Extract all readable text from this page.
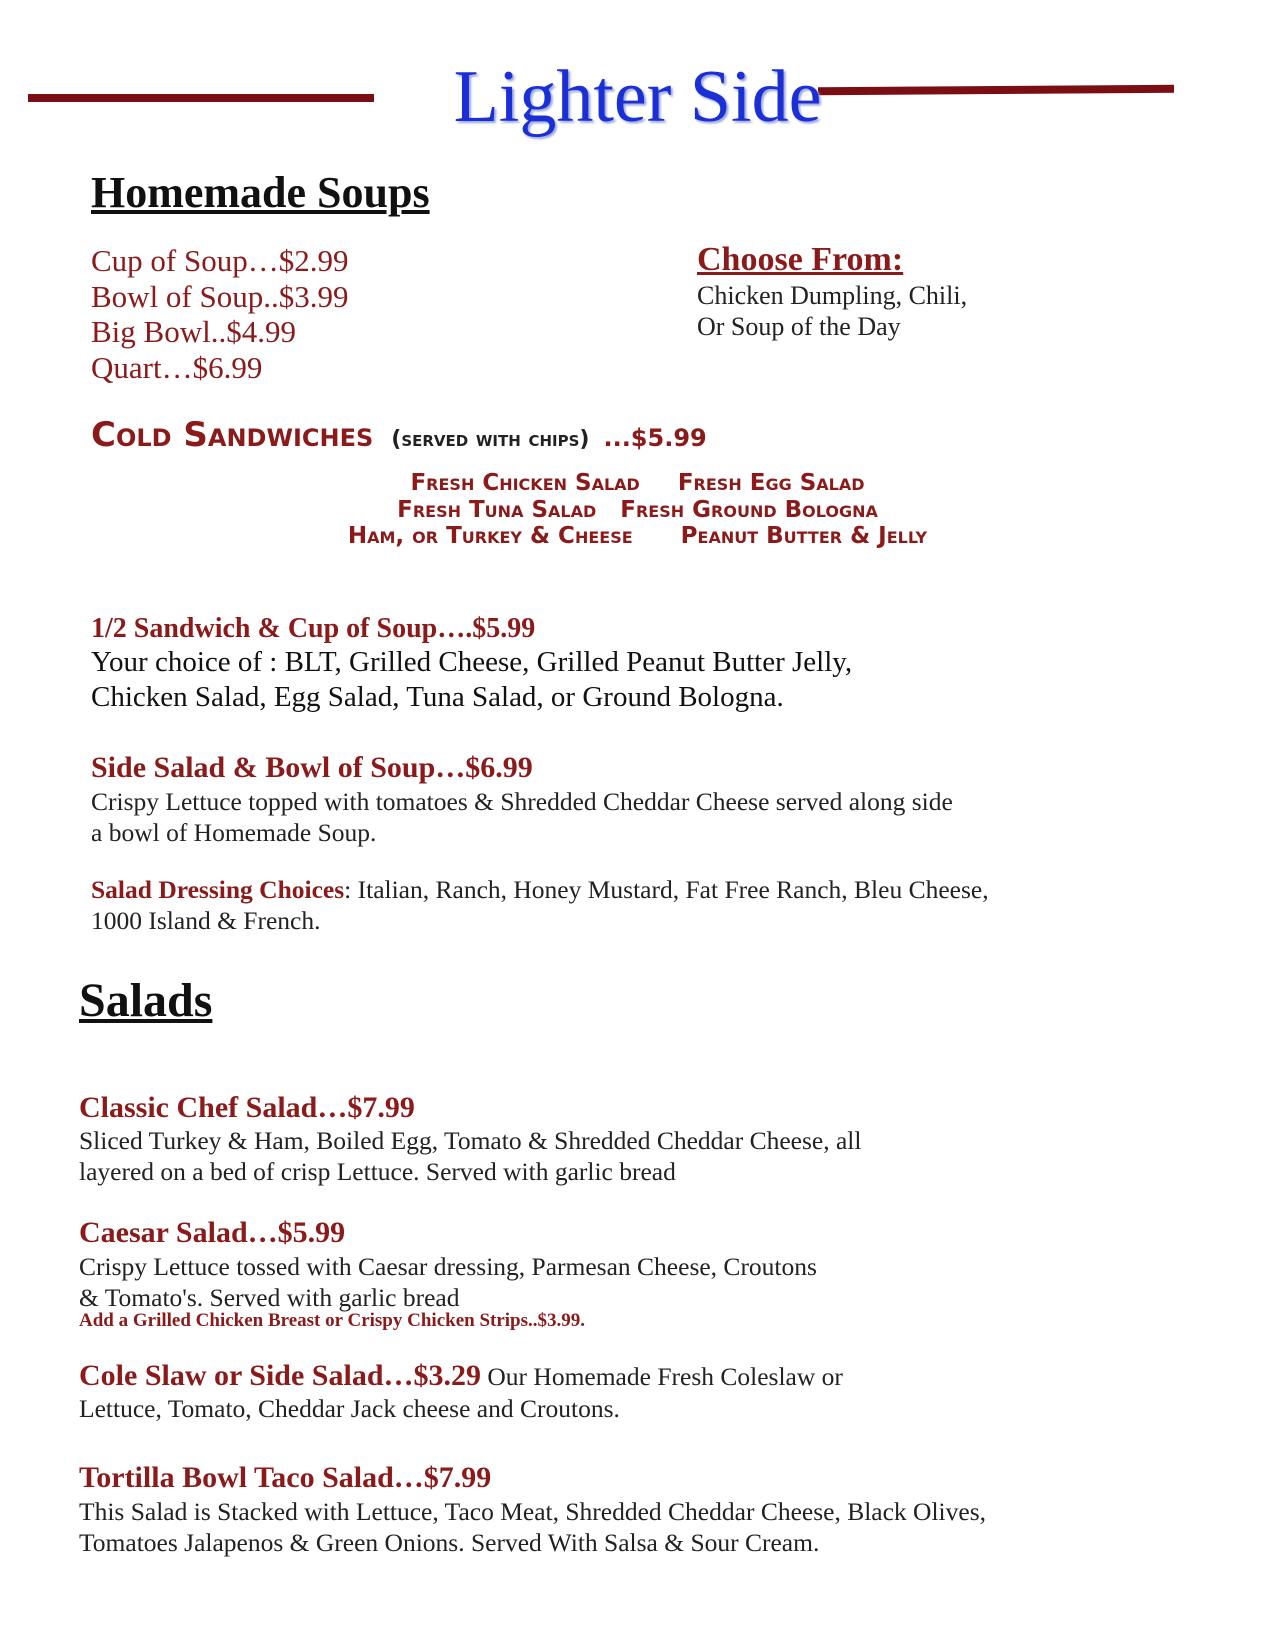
Lighter Side
Homemade Soups
Cup of Soup…$2.99
Bowl of Soup..$3.99
Big Bowl..$4.99
Quart…$6.99
Choose From:
Chicken Dumpling, Chili,
Or Soup of the Day
Cold Sandwiches (served with chips) ...$5.99
Fresh Chicken Salad Fresh Egg Salad
Fresh Tuna Salad Fresh Ground Bologna
Ham, or Turkey & Cheese Peanut Butter & Jelly
1/2 Sandwich & Cup of Soup….$5.99
Your choice of : BLT, Grilled Cheese, Grilled Peanut Butter Jelly,
Chicken Salad, Egg Salad, Tuna Salad, or Ground Bologna.
Side Salad & Bowl of Soup…$6.99
Crispy Lettuce topped with tomatoes & Shredded Cheddar Cheese served along side
a bowl of Homemade Soup.
Salad Dressing Choices: Italian, Ranch, Honey Mustard, Fat Free Ranch, Bleu Cheese,
1000 Island & French.
Salads
Classic Chef Salad…$7.99
Sliced Turkey & Ham, Boiled Egg, Tomato & Shredded Cheddar Cheese, all
layered on a bed of crisp Lettuce. Served with garlic bread
Caesar Salad…$5.99
Crispy Lettuce tossed with Caesar dressing, Parmesan Cheese, Croutons
& Tomato's. Served with garlic bread
Add a Grilled Chicken Breast or Crispy Chicken Strips..$3.99.
Cole Slaw or Side Salad…$3.29 Our Homemade Fresh Coleslaw or
Lettuce, Tomato, Cheddar Jack cheese and Croutons.
Tortilla Bowl Taco Salad…$7.99
This Salad is Stacked with Lettuce, Taco Meat, Shredded Cheddar Cheese, Black Olives,
Tomatoes Jalapenos & Green Onions. Served With Salsa & Sour Cream.
